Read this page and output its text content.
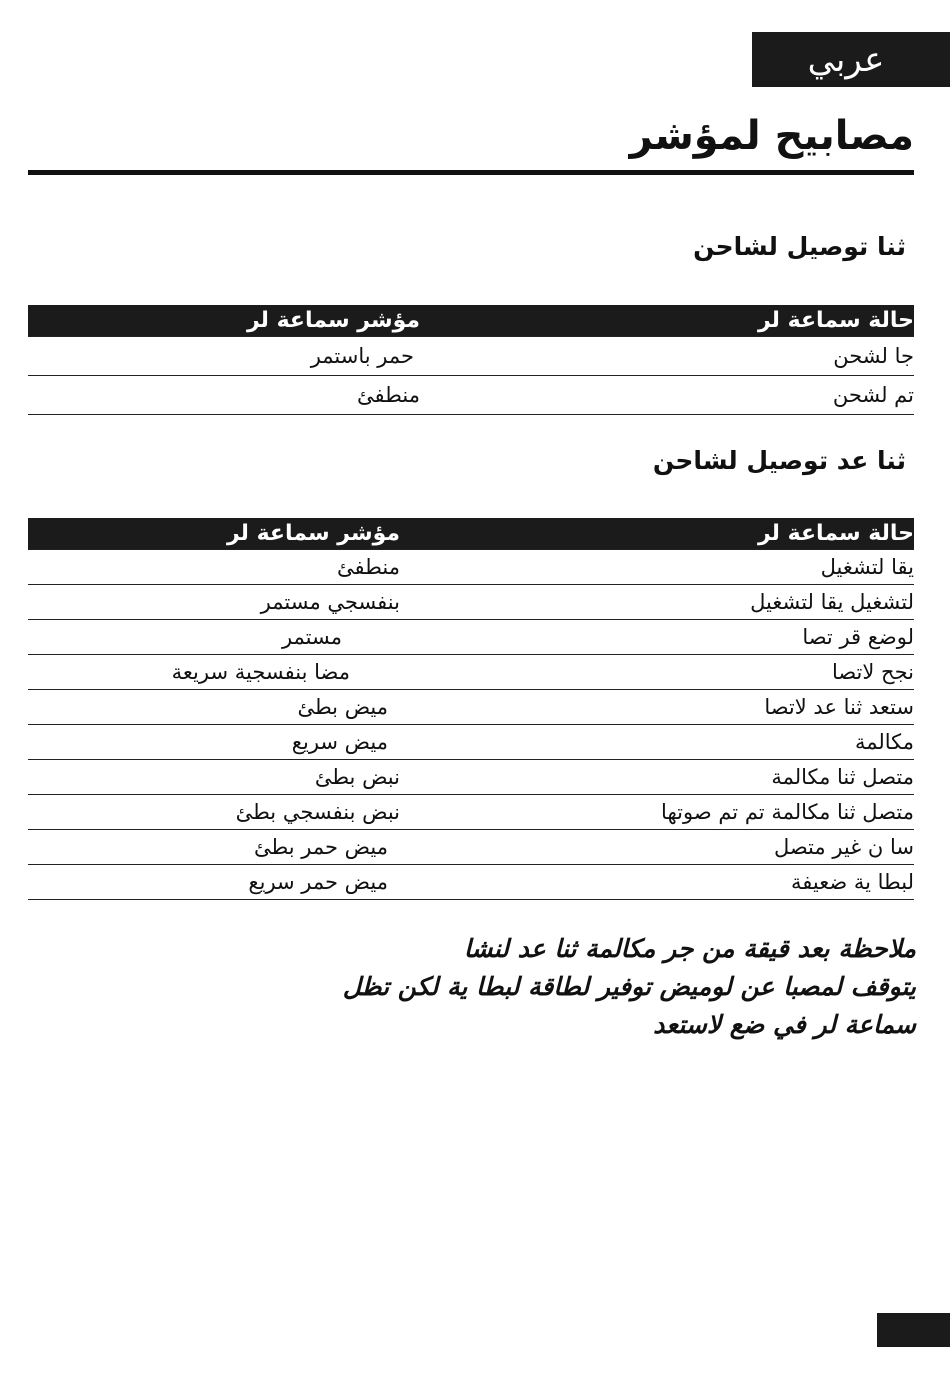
عربي
مصابيح لمؤشر
ثنا توصيل لشاحن
حالة سماعة لر	مؤشر سماعة لر
جا لشحن	حمر باستمر
تم لشحن	منطفئ
ثنا عد توصيل لشاحن
حالة سماعة لر	مؤشر سماعة لر
يقا لتشغيل	منطفئ
لتشغيل يقا لتشغيل	بنفسجي مستمر
لوضع قر تصا	مستمر
نجح لاتصا	مضا بنفسجية سريعة
ستعد ثنا عد لاتصا	ميض بطئ
مكالمة	ميض سريع
متصل ثنا مكالمة	نبض بطئ
متصل ثنا مكالمة تم تم صوتها	نبض بنفسجي بطئ
سا ن غير متصل	ميض حمر بطئ
لبطا ية ضعيفة	ميض حمر سريع
ملاحظة بعد قيقة من جر مكالمة ثنا عد لنشا
يتوقف لمصبا عن لوميض توفير لطاقة لبطا ية لكن تظل
سماعة لر في ضع لاستعد
